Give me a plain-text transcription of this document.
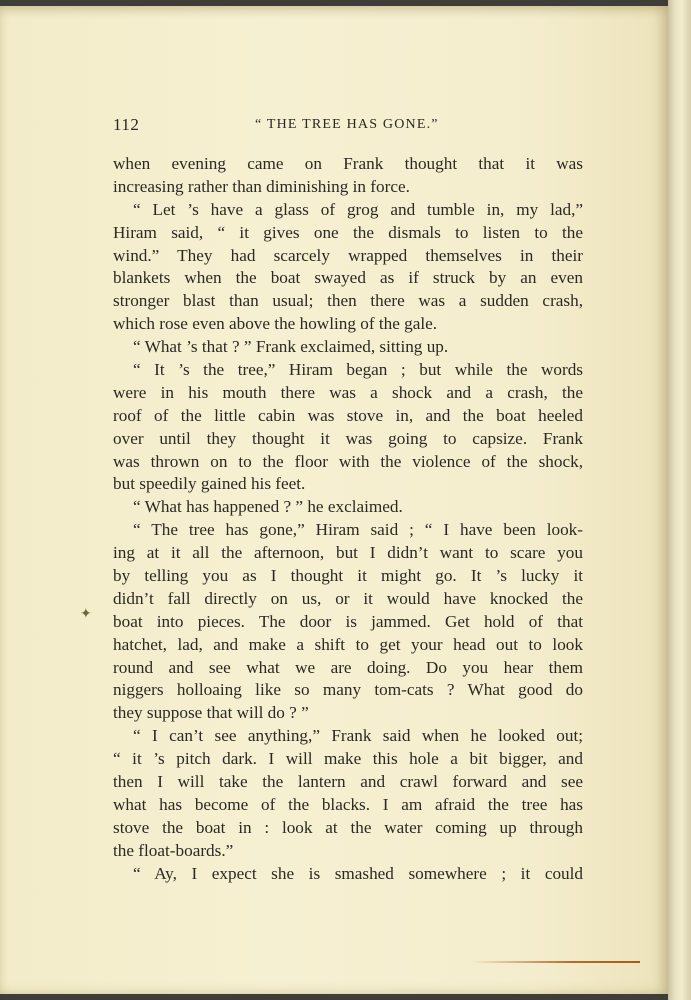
✦
112	“ THE TREE HAS GONE.”
when evening came on Frank thought that it was
increasing rather than diminishing in force.
“ Let ’s have a glass of grog and tumble in, my lad,”
Hiram said, “ it gives one the dismals to listen to the
wind.” They had scarcely wrapped themselves in their
blankets when the boat swayed as if struck by an even
stronger blast than usual; then there was a sudden crash,
which rose even above the howling of the gale.
“ What ’s that ? ” Frank exclaimed, sitting up.
“ It ’s the tree,” Hiram began ; but while the words
were in his mouth there was a shock and a crash, the
roof of the little cabin was stove in, and the boat heeled
over until they thought it was going to capsize. Frank
was thrown on to the floor with the violence of the shock,
but speedily gained his feet.
“ What has happened ? ” he exclaimed.
“ The tree has gone,” Hiram said ; “ I have been look-
ing at it all the afternoon, but I didn’t want to scare you
by telling you as I thought it might go. It ’s lucky it
didn’t fall directly on us, or it would have knocked the
boat into pieces. The door is jammed. Get hold of that
hatchet, lad, and make a shift to get your head out to look
round and see what we are doing. Do you hear them
niggers holloaing like so many tom-cats ? What good do
they suppose that will do ? ”
“ I can’t see anything,” Frank said when he looked out;
“ it ’s pitch dark. I will make this hole a bit bigger, and
then I will take the lantern and crawl forward and see
what has become of the blacks. I am afraid the tree has
stove the boat in : look at the water coming up through
the float-boards.”
“ Ay, I expect she is smashed somewhere ; it could
